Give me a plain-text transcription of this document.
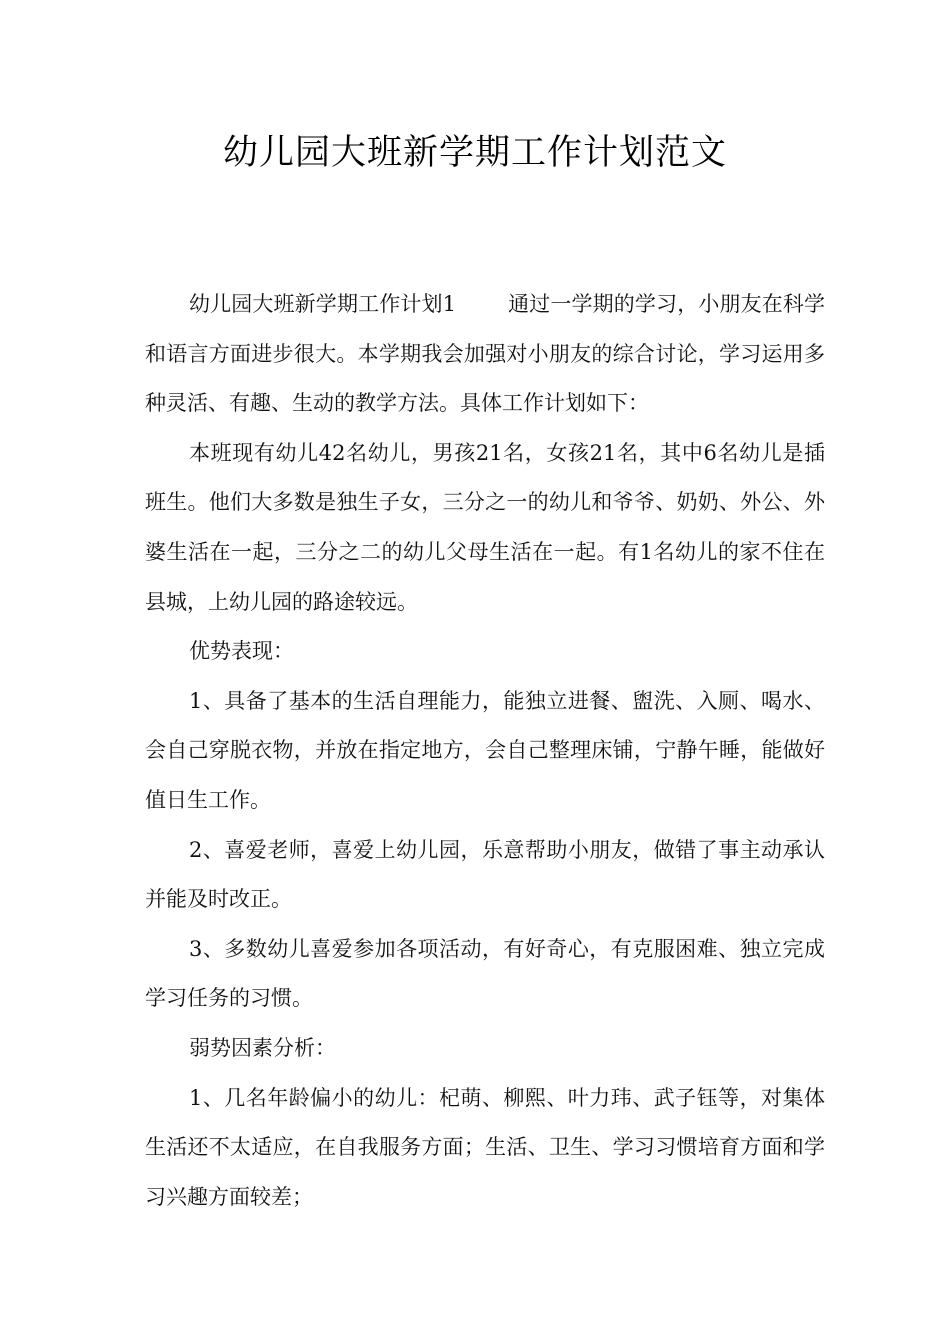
幼儿园大班新学期工作计划范文

幼儿园大班新学期工作计划1 通过一学期的学习，小朋友在科学和语言方面进步很大。本学期我会加强对小朋友的综合讨论，学习运用多种灵活、有趣、生动的教学方法。具体工作计划如下：

本班现有幼儿42名幼儿，男孩21名，女孩21名，其中6名幼儿是插班生。他们大多数是独生子女，三分之一的幼儿和爷爷、奶奶、外公、外婆生活在一起，三分之二的幼儿父母生活在一起。有1名幼儿的家不住在县城，上幼儿园的路途较远。

优势表现：

1、具备了基本的生活自理能力，能独立进餐、盥洗、入厕、喝水、会自己穿脱衣物，并放在指定地方，会自己整理床铺，宁静午睡，能做好值日生工作。

2、喜爱老师，喜爱上幼儿园，乐意帮助小朋友，做错了事主动承认并能及时改正。

3、多数幼儿喜爱参加各项活动，有好奇心，有克服困难、独立完成学习任务的习惯。

弱势因素分析：

1、几名年龄偏小的幼儿：杞萌、柳熙、叶力玮、武子钰等，对集体生活还不太适应，在自我服务方面；生活、卫生、学习习惯培育方面和学习兴趣方面较差；
